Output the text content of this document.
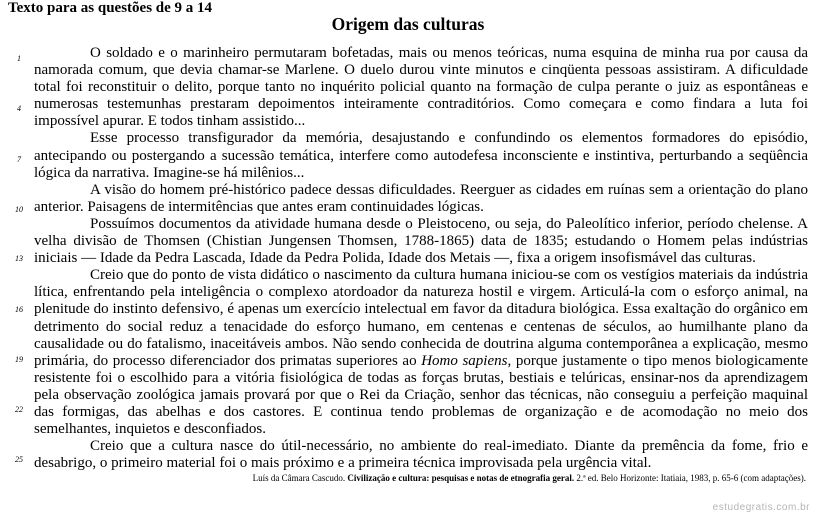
Texto para as questões de 9 a 14
Origem das culturas
1
4
7
10
13
16
19
22
25

O soldado e o marinheiro permutaram bofetadas, mais ou menos teóricas, numa esquina de minha rua por causa da namorada comum, que devia chamar-se Marlene. O duelo durou vinte minutos e cinqüenta pessoas assistiram. A dificuldade total foi reconstituir o delito, porque tanto no inquérito policial quanto na formação de culpa perante o juiz as espontâneas e numerosas testemunhas prestaram depoimentos inteiramente contraditórios. Como começara e como findara a luta foi impossível apurar. E todos tinham assistido...

Esse processo transfigurador da memória, desajustando e confundindo os elementos formadores do episódio, antecipando ou postergando a sucessão temática, interfere como autodefesa inconsciente e instintiva, perturbando a seqüência lógica da narrativa. Imagine-se há milênios...

A visão do homem pré-histórico padece dessas dificuldades. Reerguer as cidades em ruínas sem a orientação do plano anterior. Paisagens de intermitências que antes eram continuidades lógicas.

Possuímos documentos da atividade humana desde o Pleistoceno, ou seja, do Paleolítico inferior, período chelense. A velha divisão de Thomsen (Chistian Jungensen Thomsen, 1788-1865) data de 1835; estudando o Homem pelas indústrias iniciais — Idade da Pedra Lascada, Idade da Pedra Polida, Idade dos Metais —, fixa a origem insofismável das culturas.

Creio que do ponto de vista didático o nascimento da cultura humana iniciou-se com os vestígios materiais da indústria lítica, enfrentando pela inteligência o complexo atordoador da natureza hostil e virgem. Articulá-la com o esforço animal, na plenitude do instinto defensivo, é apenas um exercício intelectual em favor da ditadura biológica. Essa exaltação do orgânico em detrimento do social reduz a tenacidade do esforço humano, em centenas e centenas de séculos, ao humilhante plano da causalidade ou do fatalismo, inaceitáveis ambos. Não sendo conhecida de doutrina alguma contemporânea a explicação, mesmo primária, do processo diferenciador dos primatas superiores ao Homo sapiens, porque justamente o tipo menos biologicamente resistente foi o escolhido para a vitória fisiológica de todas as forças brutas, bestiais e telúricas, ensinar-nos da aprendizagem pela observação zoológica jamais provará por que o Rei da Criação, senhor das técnicas, não conseguiu a perfeição maquinal das formigas, das abelhas e dos castores. E continua tendo problemas de organização e de acomodação no meio dos semelhantes, inquietos e desconfiados.

Creio que a cultura nasce do útil-necessário, no ambiente do real-imediato. Diante da premência da fome, frio e desabrigo, o primeiro material foi o mais próximo e a primeira técnica improvisada pela urgência vital.

Luís da Câmara Cascudo. Civilização e cultura: pesquisas e notas de etnografia geral. 2.ª ed. Belo Horizonte: Itatiaia, 1983, p. 65-6 (com adaptações).
estudegratis.com.br
